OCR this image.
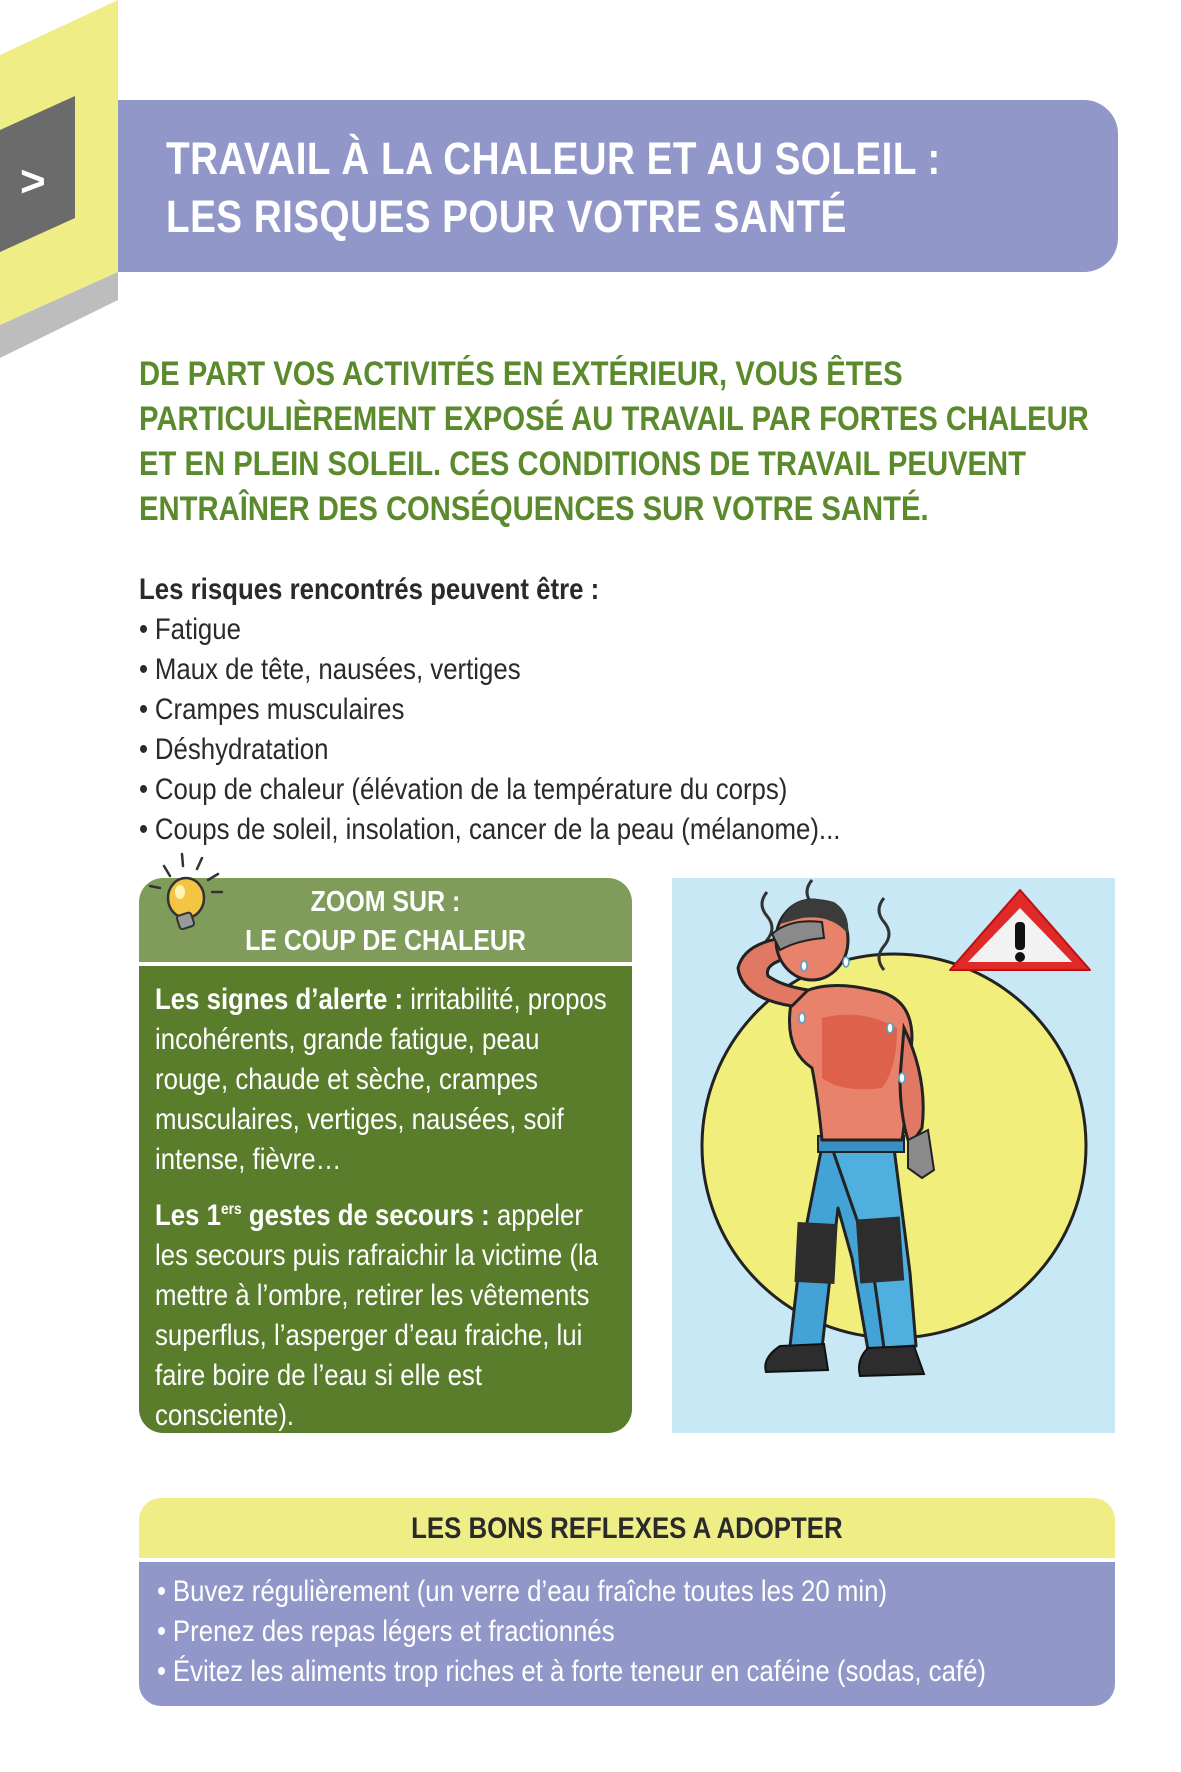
>	TRAVAIL À LA CHALEUR ET AU SOLEIL :
LES RISQUES POUR VOTRE SANTÉ
DE PART VOS ACTIVITÉS EN EXTÉRIEUR, VOUS ÊTES
PARTICULIÈREMENT EXPOSÉ AU TRAVAIL PAR FORTES CHALEUR
ET EN PLEIN SOLEIL. CES CONDITIONS DE TRAVAIL PEUVENT
ENTRAÎNER DES CONSÉQUENCES SUR VOTRE SANTÉ.
Les risques rencontrés peuvent être :
• Fatigue
• Maux de tête, nausées, vertiges
• Crampes musculaires
• Déshydratation
• Coup de chaleur (élévation de la température du corps)
• Coups de soleil, insolation, cancer de la peau (mélanome)...
ZOOM SUR :
LE COUP DE CHALEUR

Les signes d’alerte : irritabilité, propos incohérents, grande fatigue, peau rouge, chaude et sèche, crampes musculaires, vertiges, nausées, soif intense, fièvre…

Les 1ers gestes de secours : appeler les secours puis rafraichir la victime (la mettre à l’ombre, retirer les vêtements superflus, l’asperger d’eau fraiche, lui faire boire de l’eau si elle est consciente).

LES BONS REFLEXES A ADOPTER
• Buvez régulièrement (un verre d’eau fraîche toutes les 20 min)
• Prenez des repas légers et fractionnés
• Évitez les aliments trop riches et à forte teneur en caféine (sodas, café)
